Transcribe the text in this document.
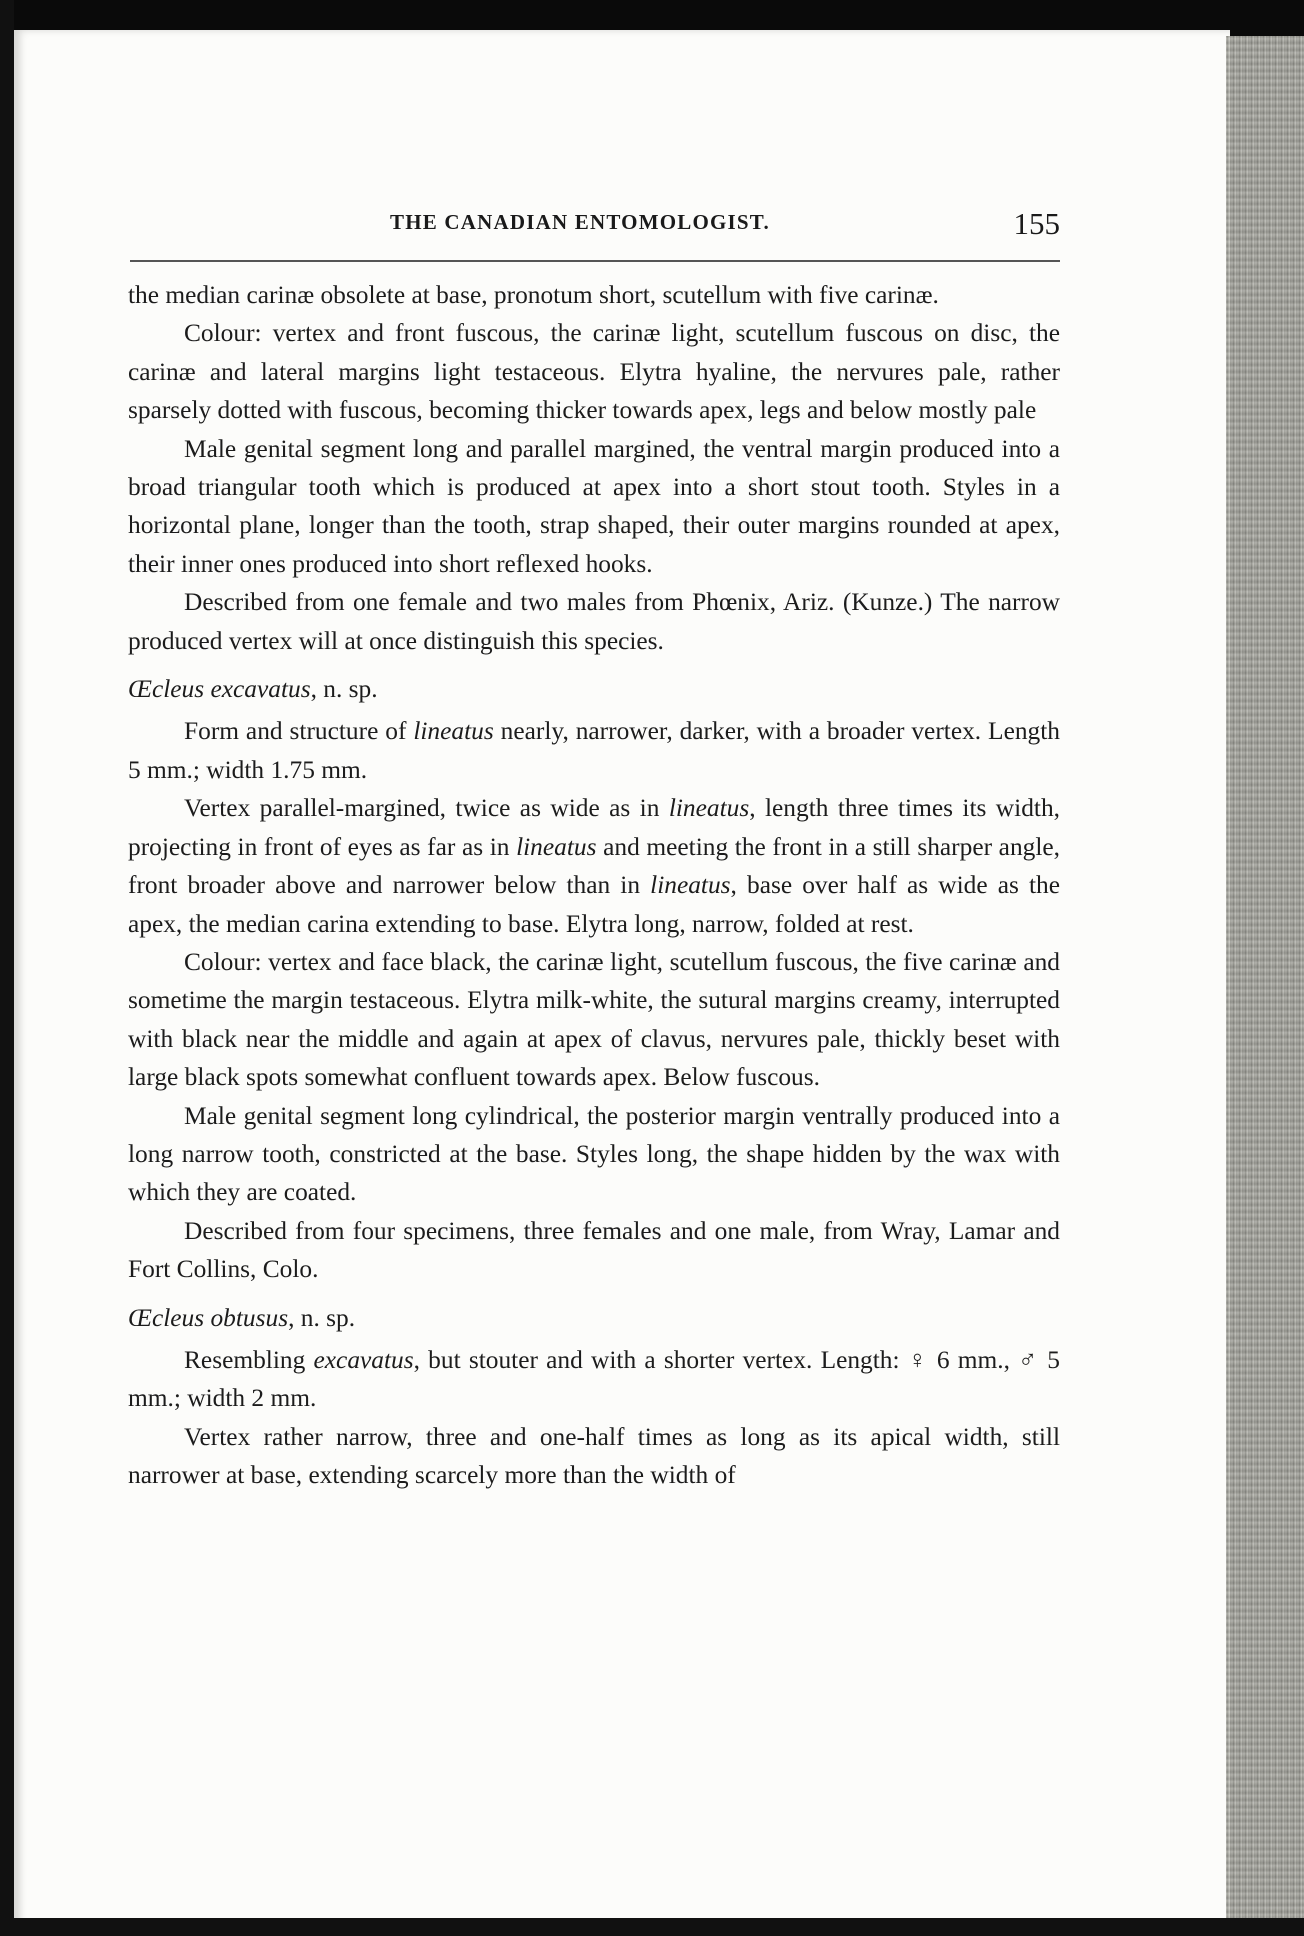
THE CANADIAN ENTOMOLOGIST.	155

the median carinæ obsolete at base, pronotum short, scutellum with five carinæ.

Colour: vertex and front fuscous, the carinæ light, scutellum fuscous on disc, the carinæ and lateral margins light testaceous. Elytra hyaline, the nervures pale, rather sparsely dotted with fuscous, becoming thicker towards apex, legs and below mostly pale

Male genital segment long and parallel margined, the ventral margin produced into a broad triangular tooth which is produced at apex into a short stout tooth. Styles in a horizontal plane, longer than the tooth, strap shaped, their outer margins rounded at apex, their inner ones produced into short reflexed hooks.

Described from one female and two males from Phœnix, Ariz. (Kunze.) The narrow produced vertex will at once distinguish this species.

Œcleus excavatus, n. sp.

Form and structure of lineatus nearly, narrower, darker, with a broader vertex. Length 5 mm.; width 1.75 mm.

Vertex parallel-margined, twice as wide as in lineatus, length three times its width, projecting in front of eyes as far as in lineatus and meeting the front in a still sharper angle, front broader above and narrower below than in lineatus, base over half as wide as the apex, the median carina extending to base. Elytra long, narrow, folded at rest.

Colour: vertex and face black, the carinæ light, scutellum fuscous, the five carinæ and sometime the margin testaceous. Elytra milk-white, the sutural margins creamy, interrupted with black near the middle and again at apex of clavus, nervures pale, thickly beset with large black spots somewhat confluent towards apex. Below fuscous.

Male genital segment long cylindrical, the posterior margin ventrally produced into a long narrow tooth, constricted at the base. Styles long, the shape hidden by the wax with which they are coated.

Described from four specimens, three females and one male, from Wray, Lamar and Fort Collins, Colo.

Œcleus obtusus, n. sp.

Resembling excavatus, but stouter and with a shorter vertex. Length: ♀ 6 mm., ♂ 5 mm.; width 2 mm.

Vertex rather narrow, three and one-half times as long as its apical width, still narrower at base, extending scarcely more than the width of
